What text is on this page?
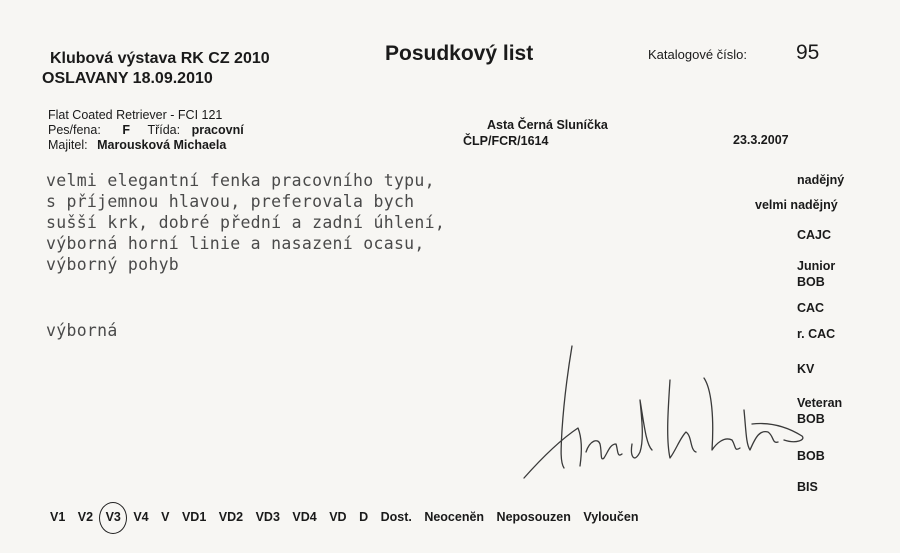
Klubová výstava RK CZ 2010
OSLAVANY 18.09.2010
Posudkový list	Katalogové číslo: 95
Flat Coated Retriever - FCI 121
Pes/fena: F Třída: pracovní
Majitel: Marousková Michaela
Asta Černá Sluníčka
ČLP/FCR/1614	23.3.2007
velmi elegantní fenka pracovního typu,
s příjemnou hlavou, preferovala bych
sušší krk, dobré přední a zadní úhlení,
výborná horní linie a nasazení ocasu,
výborný pohyb
výborná
nadějný
velmi nadějný
CAJC
Junior
BOB
CAC
r. CAC
KV
Veteran
BOB
BOB
BIS
V1 V2 V3 V4 V VD1 VD2 VD3 VD4 VD D Dost. Neocenĕn Neposouzen Vyloučen
